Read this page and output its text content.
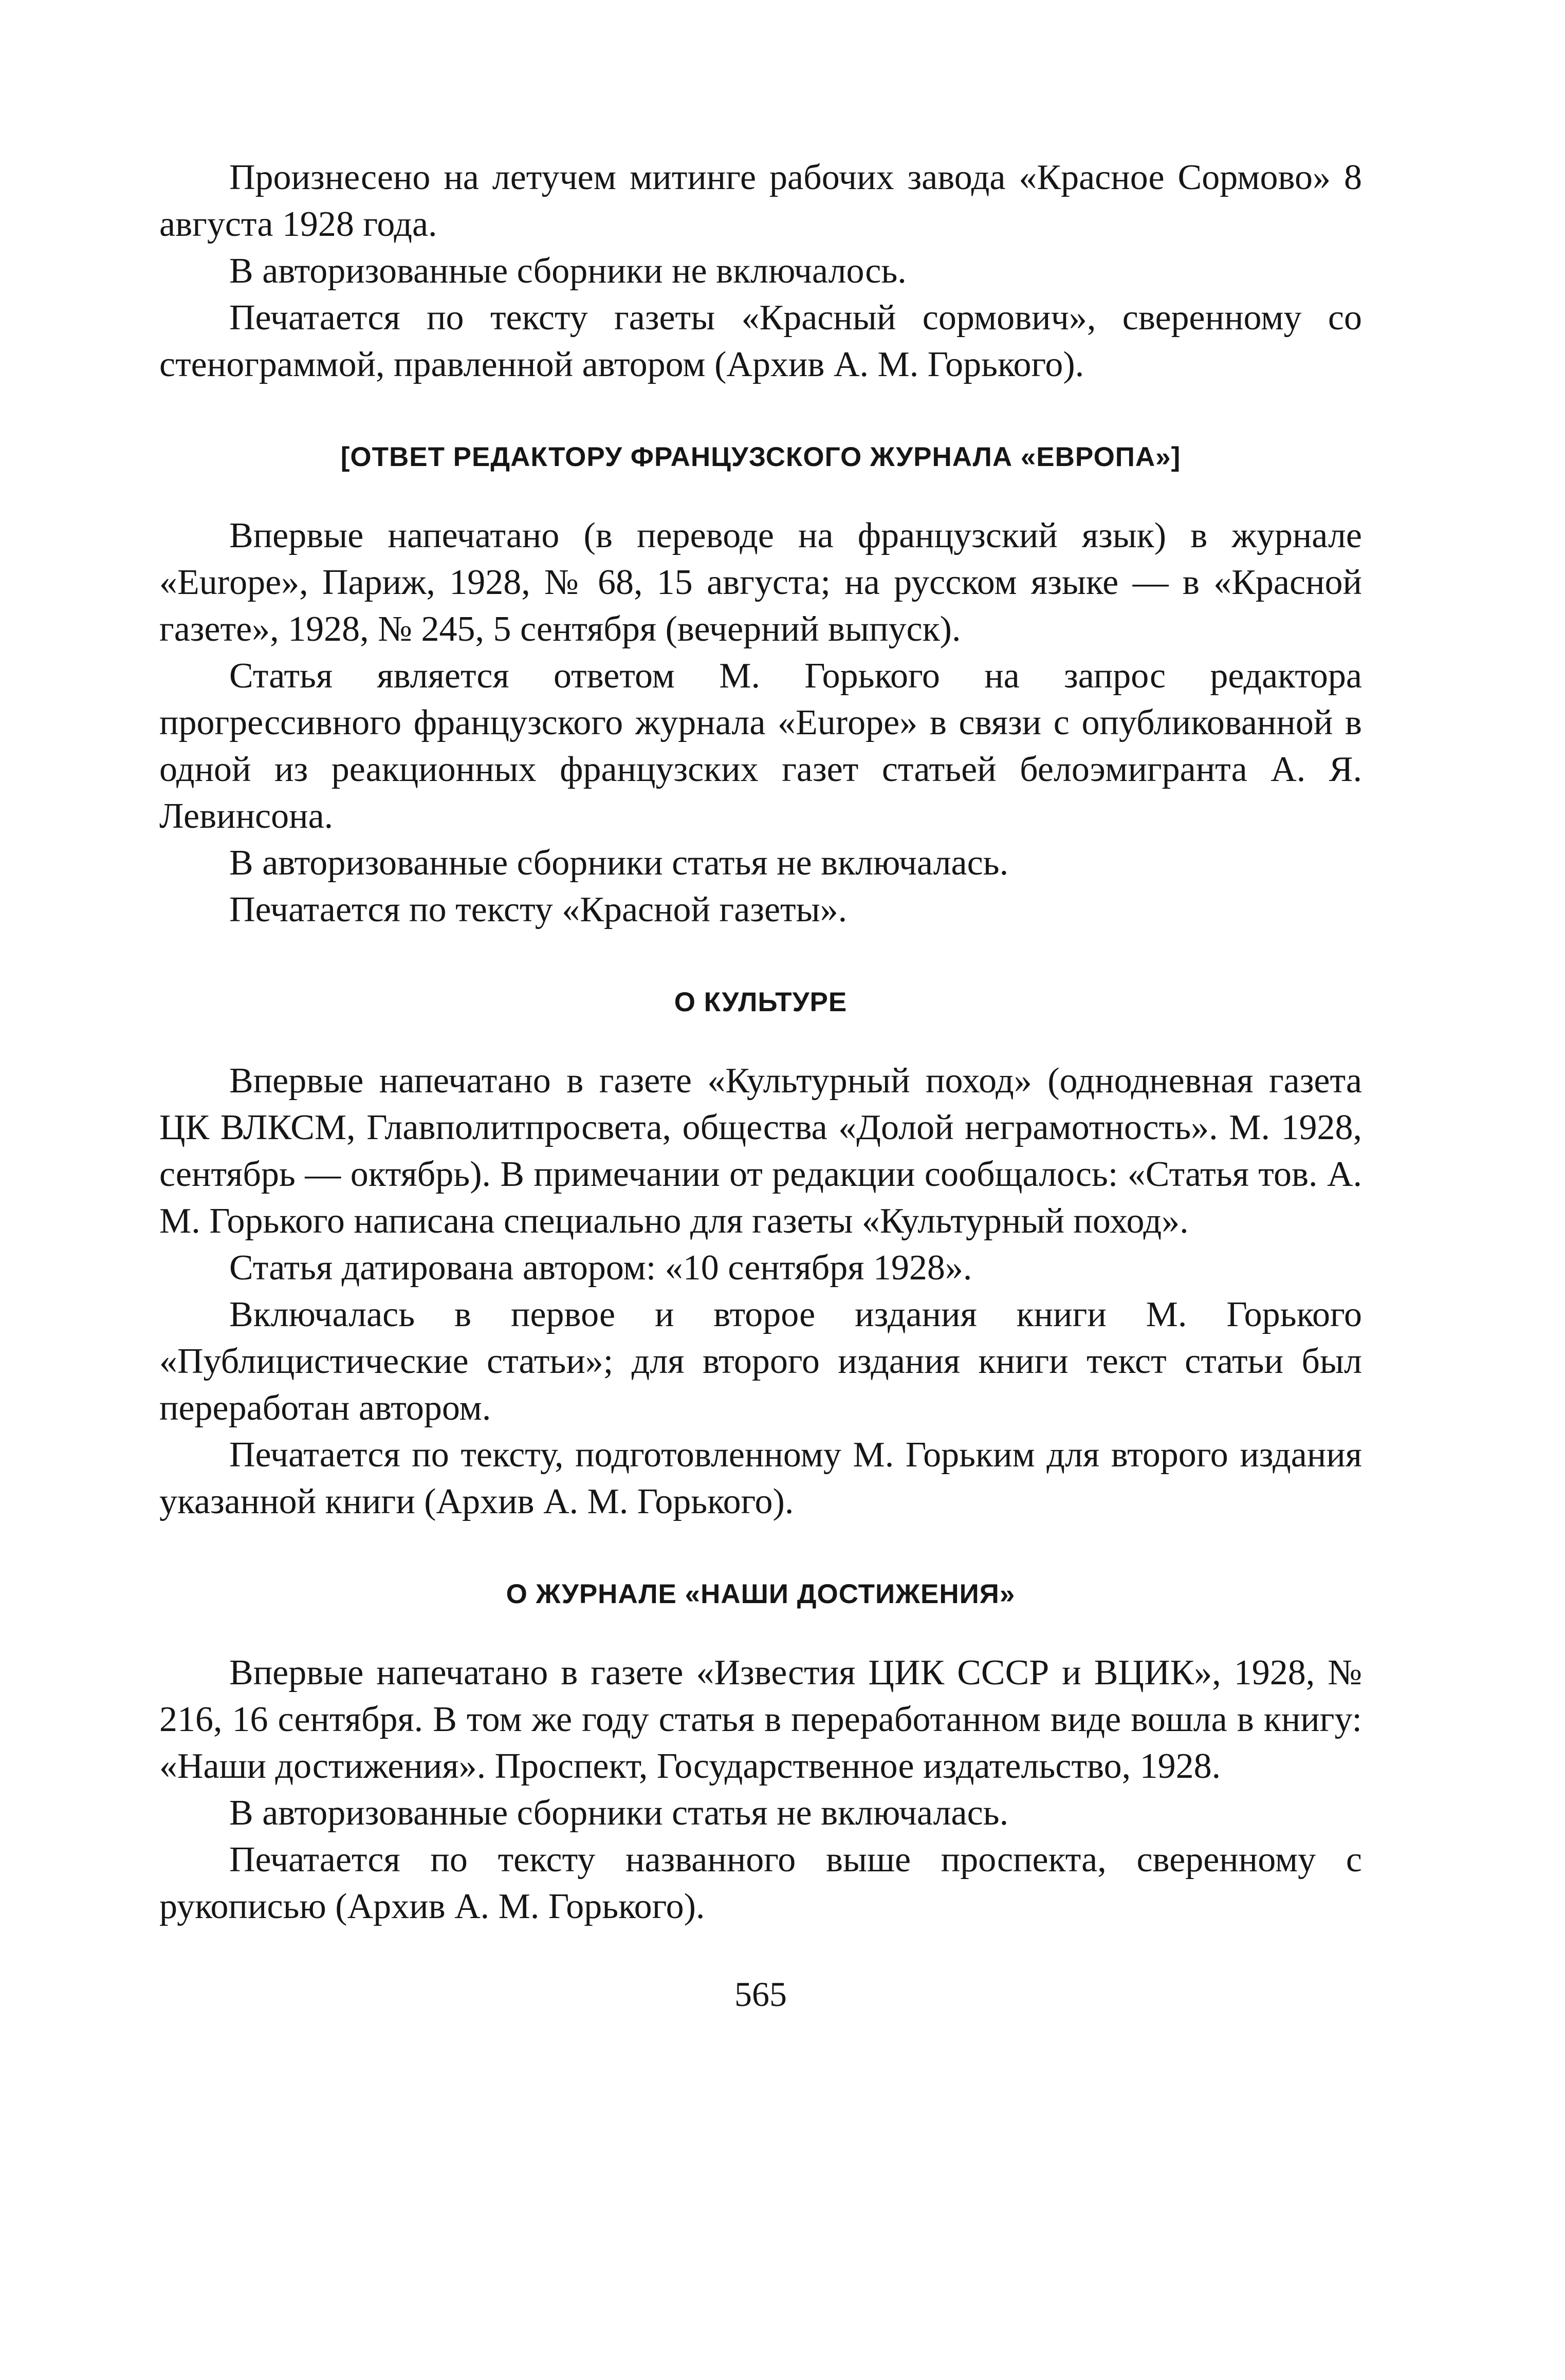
Произнесено на летучем митинге рабочих завода «Красное Сормово» 8 августа 1928 года.

В авторизованные сборники не включалось.

Печатается по тексту газеты «Красный сормович», сверенному со стенограммой, правленной автором (Архив А. М. Горького).

[ОТВЕТ РЕДАКТОРУ ФРАНЦУЗСКОГО ЖУРНАЛА «ЕВРОПА»]

Впервые напечатано (в переводе на французский язык) в журнале «Europe», Париж, 1928, № 68, 15 августа; на русском языке — в «Красной газете», 1928, № 245, 5 сентября (вечерний выпуск).

Статья является ответом М. Горького на запрос редактора прогрессивного французского журнала «Europe» в связи с опубликованной в одной из реакционных французских газет статьей белоэмигранта А. Я. Левинсона.

В авторизованные сборники статья не включалась.

Печатается по тексту «Красной газеты».

О КУЛЬТУРЕ

Впервые напечатано в газете «Культурный поход» (однодневная газета ЦК ВЛКСМ, Главполитпросвета, общества «Долой неграмотность». М. 1928, сентябрь — октябрь). В примечании от редакции сообщалось: «Статья тов. А. М. Горького написана специально для газеты «Культурный поход».

Статья датирована автором: «10 сентября 1928».

Включалась в первое и второе издания книги М. Горького «Публицистические статьи»; для второго издания книги текст статьи был переработан автором.

Печатается по тексту, подготовленному М. Горьким для второго издания указанной книги (Архив А. М. Горького).

О ЖУРНАЛЕ «НАШИ ДОСТИЖЕНИЯ»

Впервые напечатано в газете «Известия ЦИК СССР и ВЦИК», 1928, № 216, 16 сентября. В том же году статья в переработанном виде вошла в книгу: «Наши достижения». Проспект, Государственное издательство, 1928.

В авторизованные сборники статья не включалась.

Печатается по тексту названного выше проспекта, сверенному с рукописью (Архив А. М. Горького).

565
